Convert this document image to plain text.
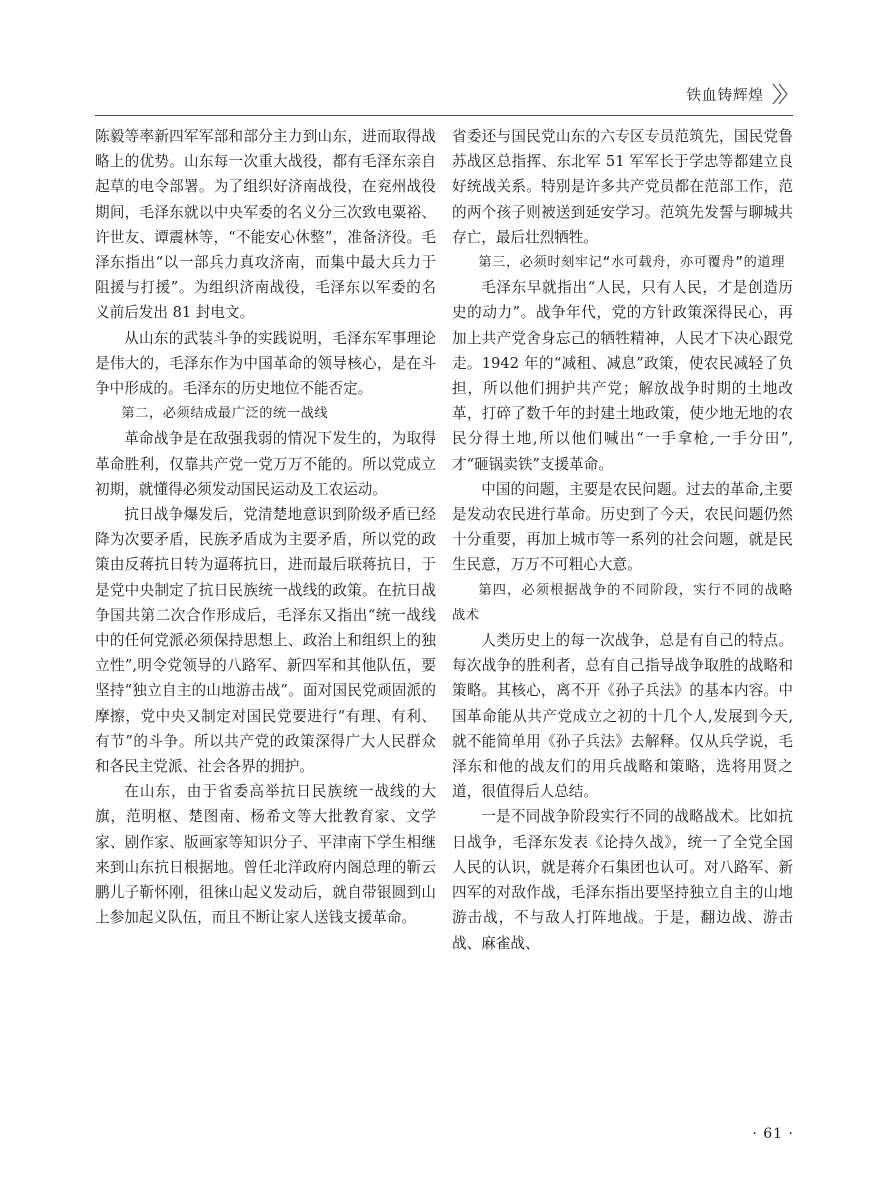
铁血铸辉煌

陈毅等率新四军军部和部分主力到山东，进而取得战略上的优势。山东每一次重大战役，都有毛泽东亲自起草的电令部署。为了组织好济南战役，在兖州战役期间，毛泽东就以中央军委的名义分三次致电粟裕、许世友、谭震林等，“不能安心休整”，准备济役。毛泽东指出“以一部兵力真攻济南，而集中最大兵力于阻援与打援”。为组织济南战役，毛泽东以军委的名义前后发出 81 封电文。

从山东的武装斗争的实践说明，毛泽东军事理论是伟大的，毛泽东作为中国革命的领导核心，是在斗争中形成的。毛泽东的历史地位不能否定。

第二，必须结成最广泛的统一战线

革命战争是在敌强我弱的情况下发生的，为取得革命胜利，仅靠共产党一党万万不能的。所以党成立初期，就懂得必须发动国民运动及工农运动。

抗日战争爆发后，党清楚地意识到阶级矛盾已经降为次要矛盾，民族矛盾成为主要矛盾，所以党的政策由反蒋抗日转为逼蒋抗日，进而最后联蒋抗日，于是党中央制定了抗日民族统一战线的政策。在抗日战争国共第二次合作形成后，毛泽东又指出“统一战线中的任何党派必须保持思想上、政治上和组织上的独立性”,明令党领导的八路军、新四军和其他队伍，要坚持“独立自主的山地游击战”。面对国民党顽固派的摩擦，党中央又制定对国民党要进行“有理、有利、有节”的斗争。所以共产党的政策深得广大人民群众和各民主党派、社会各界的拥护。

在山东，由于省委高举抗日民族统一战线的大旗，范明枢、楚图南、杨希文等大批教育家、文学家、剧作家、版画家等知识分子、平津南下学生相继来到山东抗日根据地。曾任北洋政府内阁总理的靳云鹏儿子靳怀刚，徂徕山起义发动后，就自带银圆到山上参加起义队伍，而且不断让家人送钱支援革命。

省委还与国民党山东的六专区专员范筑先，国民党鲁苏战区总指挥、东北军 51 军军长于学忠等都建立良好统战关系。特别是许多共产党员都在范部工作，范的两个孩子则被送到延安学习。范筑先发誓与聊城共存亡，最后壮烈牺牲。

第三，必须时刻牢记“水可载舟，亦可覆舟”的道理

毛泽东早就指出“人民，只有人民，才是创造历史的动力”。战争年代，党的方针政策深得民心，再加上共产党舍身忘己的牺牲精神，人民才下决心跟党走。1942 年的“减租、减息”政策，使农民减轻了负担，所以他们拥护共产党；解放战争时期的土地改革，打碎了数千年的封建土地政策，使少地无地的农民分得土地,所以他们喊出“一手拿枪,一手分田”,才“砸锅卖铁”支援革命。

中国的问题，主要是农民问题。过去的革命,主要是发动农民进行革命。历史到了今天，农民问题仍然十分重要，再加上城市等一系列的社会问题，就是民生民意，万万不可粗心大意。

第四，必须根据战争的不同阶段，实行不同的战略战术

人类历史上的每一次战争，总是有自己的特点。每次战争的胜利者，总有自己指导战争取胜的战略和策略。其核心，离不开《孙子兵法》的基本内容。中国革命能从共产党成立之初的十几个人,发展到今天,就不能简单用《孙子兵法》去解释。仅从兵学说，毛泽东和他的战友们的用兵战略和策略，选将用贤之道，很值得后人总结。

一是不同战争阶段实行不同的战略战术。比如抗日战争，毛泽东发表《论持久战》，统一了全党全国人民的认识，就是蒋介石集团也认可。对八路军、新四军的对敌作战，毛泽东指出要坚持独立自主的山地游击战，不与敌人打阵地战。于是，翻边战、游击战、麻雀战、

· 61 ·
